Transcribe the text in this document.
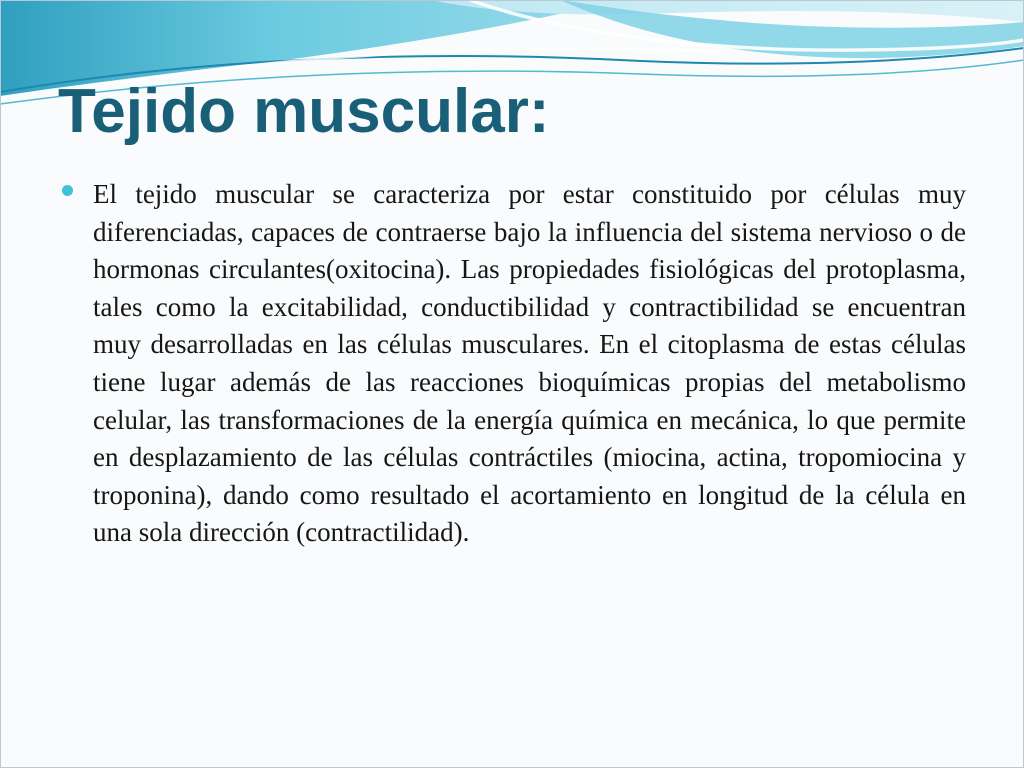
Tejido muscular:

El tejido muscular se caracteriza por estar constituido por células muy diferenciadas, capaces de contraerse bajo la influencia del sistema nervioso o de hormonas circulantes(oxitocina). Las propiedades fisiológicas del protoplasma, tales como la excitabilidad, conductibilidad y contractibilidad se encuentran muy desarrolladas en las células musculares. En el citoplasma de estas células tiene lugar además de las reacciones bioquímicas propias del metabolismo celular, las transformaciones de la energía química en mecánica, lo que permite en desplazamiento de las células contráctiles (miocina, actina, tropomiocina y troponina), dando como resultado el acortamiento en longitud de la célula en una sola dirección (contractilidad).
